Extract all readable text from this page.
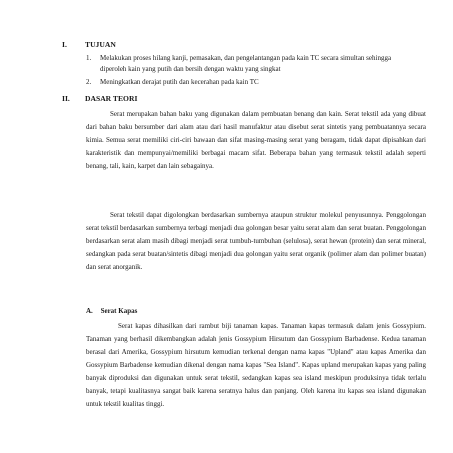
I. TUJUAN
1. Melakukan proses hilang kanji, pemasakan, dan pengelantangan pada kain TC secara simultan sehingga diperoleh kain yang putih dan bersih dengan waktu yang singkat
2. Meningkatkan derajat putih dan kecerahan pada kain TC
II. DASAR TEORI

Serat merupakan bahan baku yang digunakan dalam pembuatan benang dan kain. Serat tekstil ada yang dibuat dari bahan baku bersumber dari alam atau dari hasil manufaktur atau disebut serat sintetis yang pembuatannya secara kimia. Semua serat memiliki ciri-ciri bawaan dan sifat masing-masing serat yang beragam, tidak dapat dipisahkan dari karakteristik dan mempunyai/memiliki berbagai macam sifat. Beberapa bahan yang termasuk tekstil adalah seperti benang, tali, kain, karpet dan lain sebagainya.

Serat tekstil dapat digolongkan berdasarkan sumbernya ataupun struktur molekul penyusunnya. Penggolongan serat tekstil berdasarkan sumbernya terbagi menjadi dua golongan besar yaitu serat alam dan serat buatan. Penggolongan berdasarkan serat alam masih dibagi menjadi serat tumbuh-tumbuhan (selulosa), serat hewan (protein) dan serat mineral, sedangkan pada serat buatan/sintetis dibagi menjadi dua golongan yaitu serat organik (polimer alam dan polimer buatan) dan serat anorganik.

A. Serat Kapas

Serat kapas dihasilkan dari rambut biji tanaman kapas. Tanaman kapas termasuk dalam jenis Gossypium. Tanaman yang berhasil dikembangkan adalah jenis Gossypium Hirsutum dan Gossypium Barbadense. Kedua tanaman berasal dari Amerika, Gossypium hirsutum kemudian terkenal dengan nama kapas "Upland" atau kapas Amerika dan Gossypium Barbadense kemudian dikenal dengan nama kapas "Sea Island". Kapas upland merupakan kapas yang paling banyak diproduksi dan digunakan untuk serat tekstil, sedangkan kapas sea island meskipun produksinya tidak terlalu banyak, tetapi kualitasnya sangat baik karena seratnya halus dan panjang. Oleh karena itu kapas sea island digunakan untuk tekstil kualitas tinggi.
